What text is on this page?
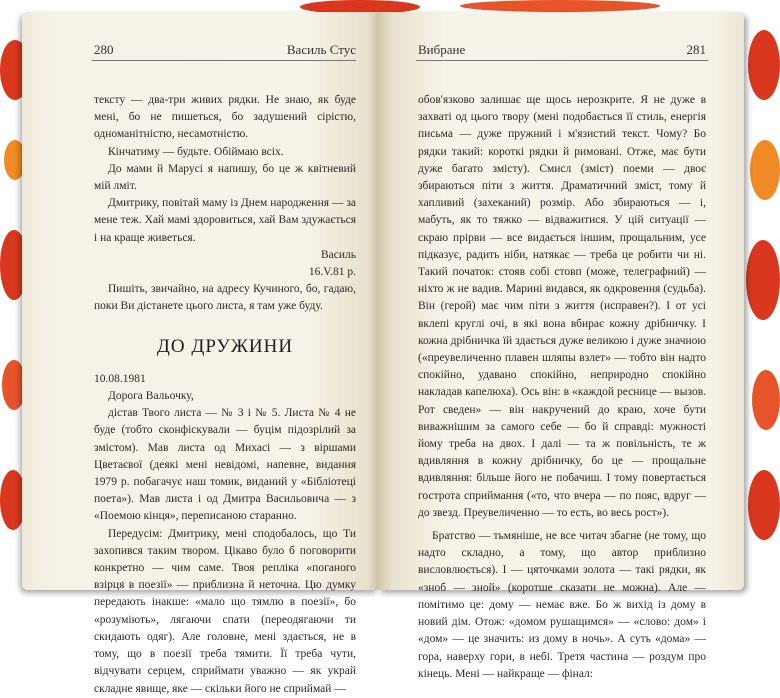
280	Василь Стус

тексту — два-три живих рядки. Не знаю, як буде мені, бо не пишеться, бо задушений сірістю, одноманітністю, несамотністю.

Кінчатиму — будьте. Обіймаю всіх.

До мами й Марусі я напишу, бо це ж квітневий мій лміт.

Дмитрику, повітай маму із Днем народження — за мене теж. Хай мамі здоровиться, хай Вам здужається і на краще живеться.

Василь

16.V.81 р.

Пишіть, звичайно, на адресу Кучиного, бо, гадаю, поки Ви дістанете цього листа, я там уже буду.

ДО ДРУЖИНИ

10.08.1981

Дорога Вальочку,

дістав Твого листа — № 3 і № 5. Листа № 4 не буде (тобто сконфіскували — буцім підозрілий за змістом). Мав листа од Михасі — з віршами Цветаєвої (деякі мені невідомі, напевне, видання 1979 р. побагачує наш томик, виданий у «Бібліотеці поета»). Мав листа і од Дмитра Васильовича — з «Поемою кінця», переписаною старанно.

Передусім: Дмитрику, мені сподобалось, що Ти захопився таким твором. Цікаво було б поговорити конкретно — чим саме. Твоя репліка «поганого взірця в поезії» — приблизна й неточна. Цю думку передають інакше: «мало що тямлю в поезії», бо «розуміють», лягаючи спати (переодягаючи ти скидають одяг). Але головне, мені здається, не в тому, що в поезії треба тямити. Її треба чути, відчувати серцем, сприймати уважно — як украй складне явище, яке — скільки його не сприймай —

Вибране	281

обов'язково залишає ще щось нерозкрите. Я не дуже в захваті од цього твору (мені подобається її стиль, енергія письма — дуже пружний і м'язистий текст. Чому? Бо рядки такий: короткі рядки й римовані. Отже, має бути дуже багато змісту). Смисл (зміст) поеми — двоє збираються піти з життя. Драматичний зміст, тому й хапливий (захеканий) розмір. Або збираються — і, мабуть, як то тяжко — відважитися. У цій ситуації — скраю прірви — все видається іншим, прощальним, усе підказує, радить ніби, натякає — треба це робити чи ні. Такий початок: стояв собі стовп (може, телеграфний) — ніхто ж не вадив. Марині видався, як одкровення (судьба). Він (герой) має чим піти з життя (исправен?). І от усі вклепі круглі очі, в які вона вбирає кожну дрібничку. І кожна дрібничка їй здається дуже великою і дуже значною («преувеличенно плавен шляпы взлет» — тобто він надто спокійно, удавано спокійно, неприродно спокійно накладав капелюха). Ось він: в «каждой реснице — вызов. Рот сведен» — він накручений до краю, хоче бути виважнішим за самого себе — бо й справді: мужності йому треба на двох. І далі — та ж повільність, те ж вдивляння в кожну дрібничку, бо це — прощальне вдивляння: більше його не побачиш. І тому повертається гострота сприймання («то, что вчера — по пояс, вдруг — до звезд. Преувеличенно — то есть, во весь рост»).

Братство — тьмяніше, не все читач збагне (не тому, що надто складно, а тому, що автор приблизно висловлюється). І — цяточками золота — такі рядки, як «зноб — зной» (коротше сказати не можна). Але — помітимо це: дому — немає вже. Бо ж вихід із дому в новий дім. Отож: «домом рушащимся» — «слово: дом» і «дом» — це значить: из дому в ночь». А суть «дома» — гора, наверху гори, в небі. Третя частина — роздум про кінець. Мені — найкраще — фінал:
